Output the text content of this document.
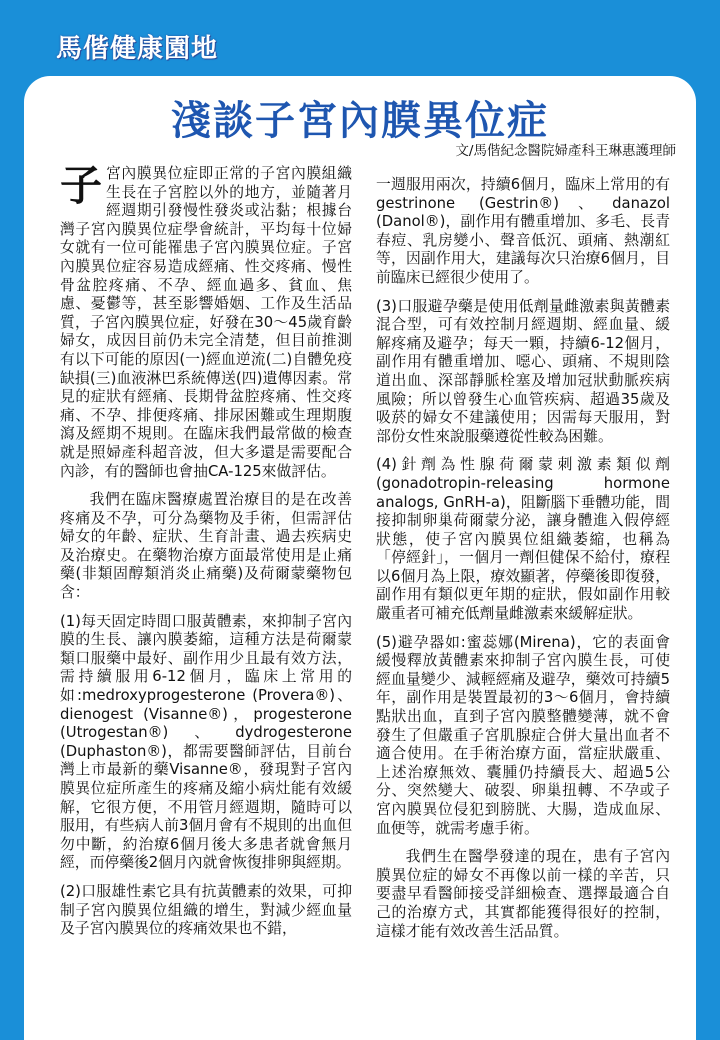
馬偕健康園地
淺談子宮內膜異位症
文/馬偕紀念醫院婦產科王琳惠護理師

子宮內膜異位症即正常的子宮內膜組織生長在子宮腔以外的地方，並隨著月經週期引發慢性發炎或沾黏；根據台灣子宮內膜異位症學會統計，平均每十位婦女就有一位可能罹患子宮內膜異位症。子宮內膜異位症容易造成經痛、性交疼痛、慢性骨盆腔疼痛、不孕、經血過多、貧血、焦慮、憂鬱等，甚至影響婚姻、工作及生活品質，子宮內膜異位症，好發在30～45歲育齡婦女，成因目前仍未完全清楚，但目前推測有以下可能的原因(一)經血逆流(二)自體免疫缺損(三)血液淋巴系統傳送(四)遺傳因素。常見的症狀有經痛、長期骨盆腔疼痛、性交疼痛、不孕、排便疼痛、排尿困難或生理期腹瀉及經期不規則。在臨床我們最常做的檢查就是照婦產科超音波，但大多還是需要配合內診，有的醫師也會抽CA-125來做評估。

我們在臨床醫療處置治療目的是在改善疼痛及不孕，可分為藥物及手術，但需評估婦女的年齡、症狀、生育計畫、過去疾病史及治療史。在藥物治療方面最常使用是止痛藥(非類固醇類消炎止痛藥)及荷爾蒙藥物包含：

(1)每天固定時間口服黃體素，來抑制子宮內膜的生長、讓內膜萎縮，這種方法是荷爾蒙類口服藥中最好、副作用少且最有效方法，需持續服用6-12個月，臨床上常用的如:medroxyprogesterone (Provera®)、dienogest (Visanne®)，progesterone (Utrogestan®)、dydrogesterone (Duphaston®)，都需要醫師評估，目前台灣上市最新的藥Visanne®，發現對子宮內膜異位症所產生的疼痛及縮小病灶能有效緩解，它很方便，不用管月經週期，隨時可以服用，有些病人前3個月會有不規則的出血但勿中斷，約治療6個月後大多患者就會無月經，而停藥後2個月內就會恢復排卵與經期。

(2)口服雄性素它具有抗黃體素的效果，可抑制子宮內膜異位組織的增生，對減少經血量及子宮內膜異位的疼痛效果也不錯，

一週服用兩次，持續6個月，臨床上常用的有gestrinone (Gestrin®)、danazol (Danol®)，副作用有體重增加、多毛、長青春痘、乳房變小、聲音低沉、頭痛、熱潮紅等，因副作用大，建議每次只治療6個月，目前臨床已經很少使用了。

(3)口服避孕藥是使用低劑量雌激素與黃體素混合型，可有效控制月經週期、經血量、緩解疼痛及避孕；每天一顆，持續6-12個月，副作用有體重增加、噁心、頭痛、不規則陰道出血、深部靜脈栓塞及增加冠狀動脈疾病風險；所以曾發生心血管疾病、超過35歲及吸菸的婦女不建議使用；因需每天服用，對部份女性來說服藥遵從性較為困難。

(4)針劑為性腺荷爾蒙刺激素類似劑 (gonadotropin-releasing hormone analogs, GnRH-a)，阻斷腦下垂體功能，間接抑制卵巢荷爾蒙分泌，讓身體進入假停經狀態，使子宮內膜異位組織萎縮，也稱為「停經針」，一個月一劑但健保不給付，療程以6個月為上限，療效顯著，停藥後即復發，副作用有類似更年期的症狀，假如副作用較嚴重者可補充低劑量雌激素來緩解症狀。

(5)避孕器如:蜜蕊娜(Mirena)，它的表面會緩慢釋放黃體素來抑制子宮內膜生長，可使經血量變少、減輕經痛及避孕，藥效可持續5年，副作用是裝置最初的3～6個月，會持續點狀出血，直到子宮內膜整體變薄，就不會發生了但嚴重子宮肌腺症合併大量出血者不適合使用。在手術治療方面，當症狀嚴重、上述治療無效、囊腫仍持續長大、超過5公分、突然變大、破裂、卵巢扭轉、不孕或子宮內膜異位侵犯到膀胱、大腸，造成血尿、血便等，就需考慮手術。

我們生在醫學發達的現在，患有子宮內膜異位症的婦女不再像以前一樣的辛苦，只要盡早看醫師接受詳細檢查、選擇最適合自己的治療方式，其實都能獲得很好的控制，這樣才能有效改善生活品質。
